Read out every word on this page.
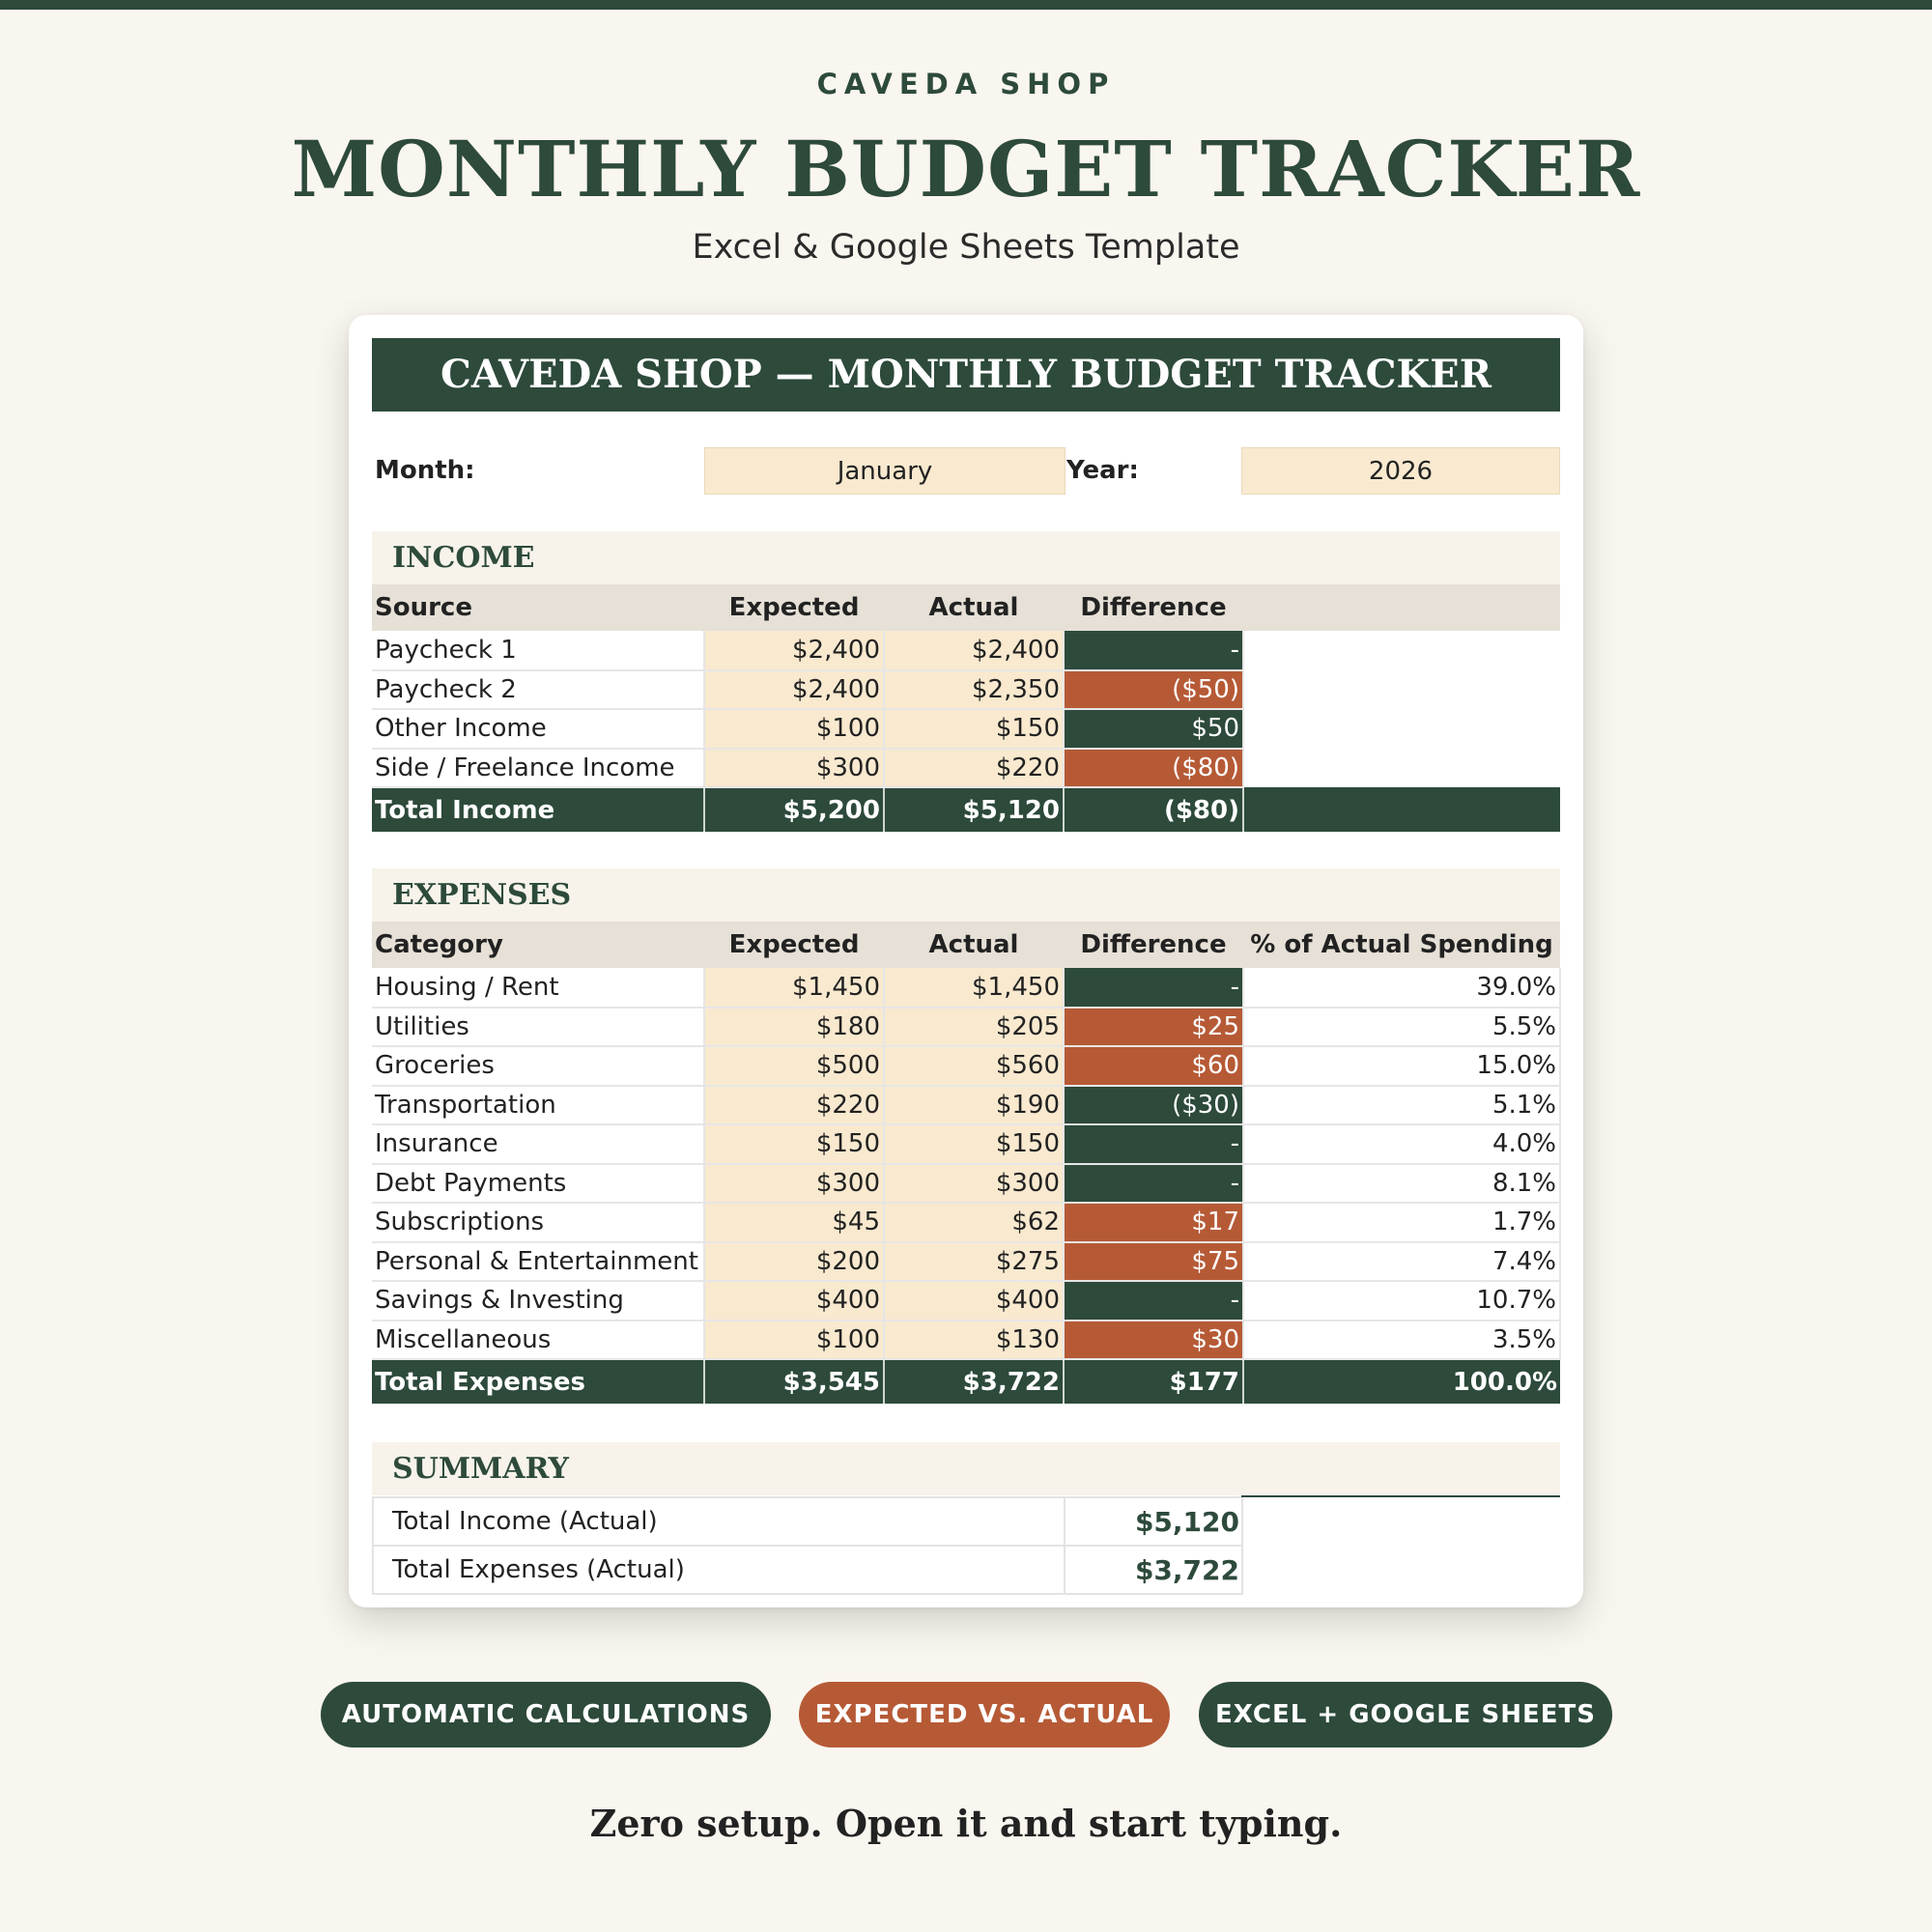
CAVEDA SHOP
MONTHLY BUDGET TRACKER
Excel & Google Sheets Template
CAVEDA SHOP — MONTHLY BUDGET TRACKER
Month:	January	Year:	2026
INCOME
Source	Expected	Actual	Difference	
Paycheck 1	$2,400	$2,400	-	
Paycheck 2	$2,400	$2,350	($50)	
Other Income	$100	$150	$50	
Side / Freelance Income	$300	$220	($80)	
Total Income	$5,200	$5,120	($80)	
EXPENSES
Category	Expected	Actual	Difference	% of Actual Spending
Housing / Rent	$1,450	$1,450	-	39.0%
Utilities	$180	$205	$25	5.5%
Groceries	$500	$560	$60	15.0%
Transportation	$220	$190	($30)	5.1%
Insurance	$150	$150	-	4.0%
Debt Payments	$300	$300	-	8.1%
Subscriptions	$45	$62	$17	1.7%
Personal & Entertainment	$200	$275	$75	7.4%
Savings & Investing	$400	$400	-	10.7%
Miscellaneous	$100	$130	$30	3.5%
Total Expenses	$3,545	$3,722	$177	100.0%
SUMMARY
Total Income (Actual)	$5,120
Total Expenses (Actual)	$3,722
AUTOMATIC CALCULATIONS	EXPECTED VS. ACTUAL	EXCEL + GOOGLE SHEETS
Zero setup. Open it and start typing.
